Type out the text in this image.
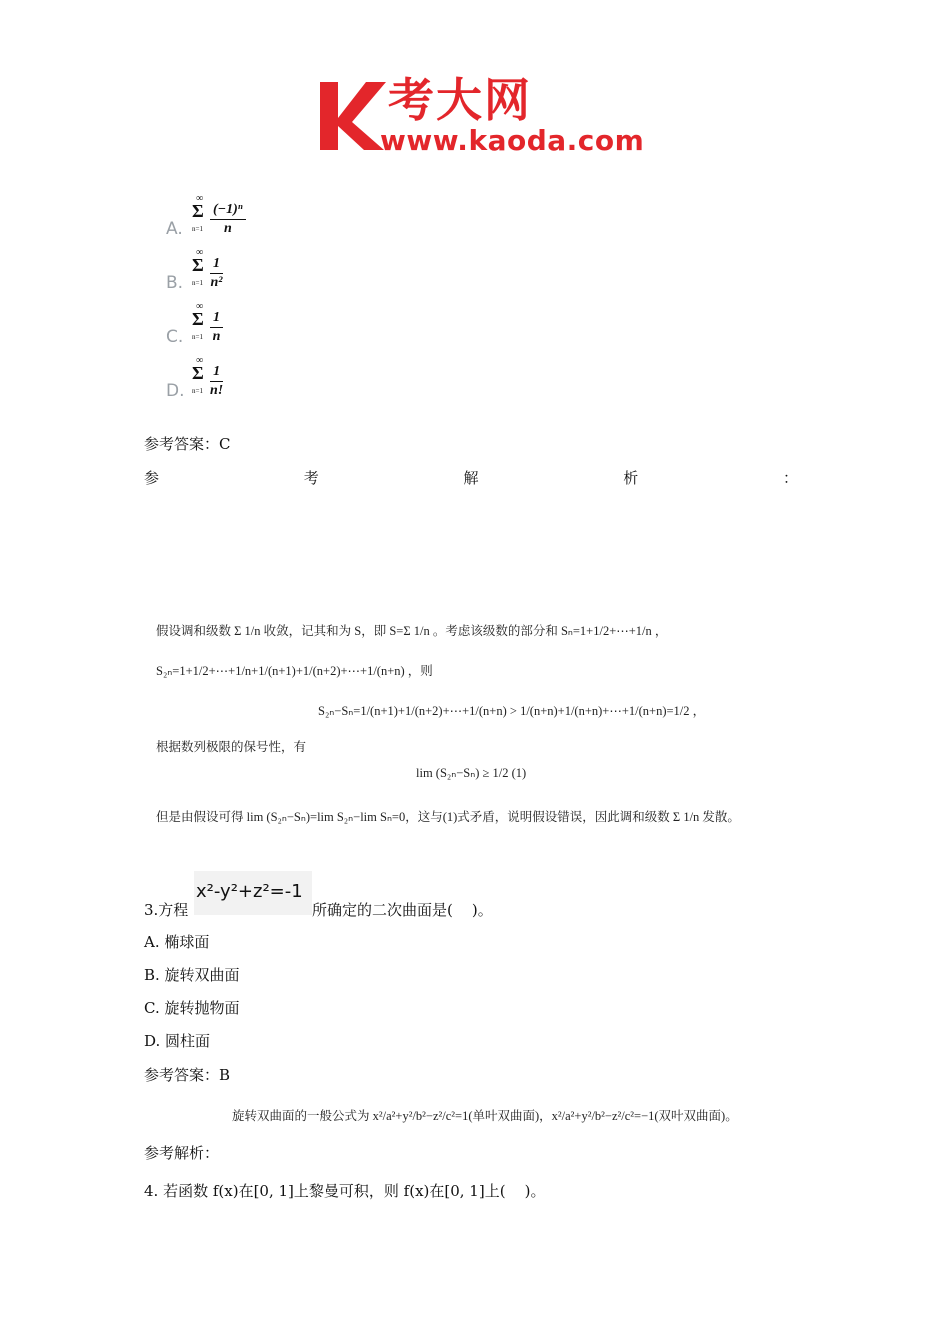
考大网
www.kaoda.com
A.
∞
Σ
$n=1 \frac{\text{(−1)ⁿ}}{n}$
B.
∞
Σ
$n=1 \frac{1}{\text{n²}}$
C.
∞
Σ
$n=1 \frac{1}{n}$
D.
∞
Σ
$n=1 \frac{1}{n!}$
参考答案：C
参	考	解	析	：
假设调和级数 Σ 1/n 收敛，记其和为 S，即 S=Σ 1/n 。考虑该级数的部分和 Sₙ=1+1/2+⋯+1/n ，
S₂ₙ=1+1/2+⋯+1/n+1/(n+1)+1/(n+2)+⋯+1/(n+n) ，则
S₂ₙ−Sₙ=1/(n+1)+1/(n+2)+⋯+1/(n+n) > 1/(n+n)+1/(n+n)+⋯+1/(n+n)=1/2 ，
根据数列极限的保号性，有
lim (S₂ₙ−Sₙ) ≥ 1/2 (1)
但是由假设可得 lim (S₂ₙ−Sₙ)=lim S₂ₙ−lim Sₙ=0，这与(1)式矛盾，说明假设错误，因此调和级数 Σ 1/n 发散。
3.方程
x²-y²+z²=-1
所确定的二次曲面是(    )。
A. 椭球面
B. 旋转双曲面
C. 旋转抛物面
D. 圆柱面
参考答案：B
旋转双曲面的一般公式为 x²/a²+y²/b²−z²/c²=1(单叶双曲面)，x²/a²+y²/b²−z²/c²=−1(双叶双曲面)。
参考解析：
4. 若函数 f(x)在[0, 1]上黎曼可积，则 f(x)在[0, 1]上(    )。
